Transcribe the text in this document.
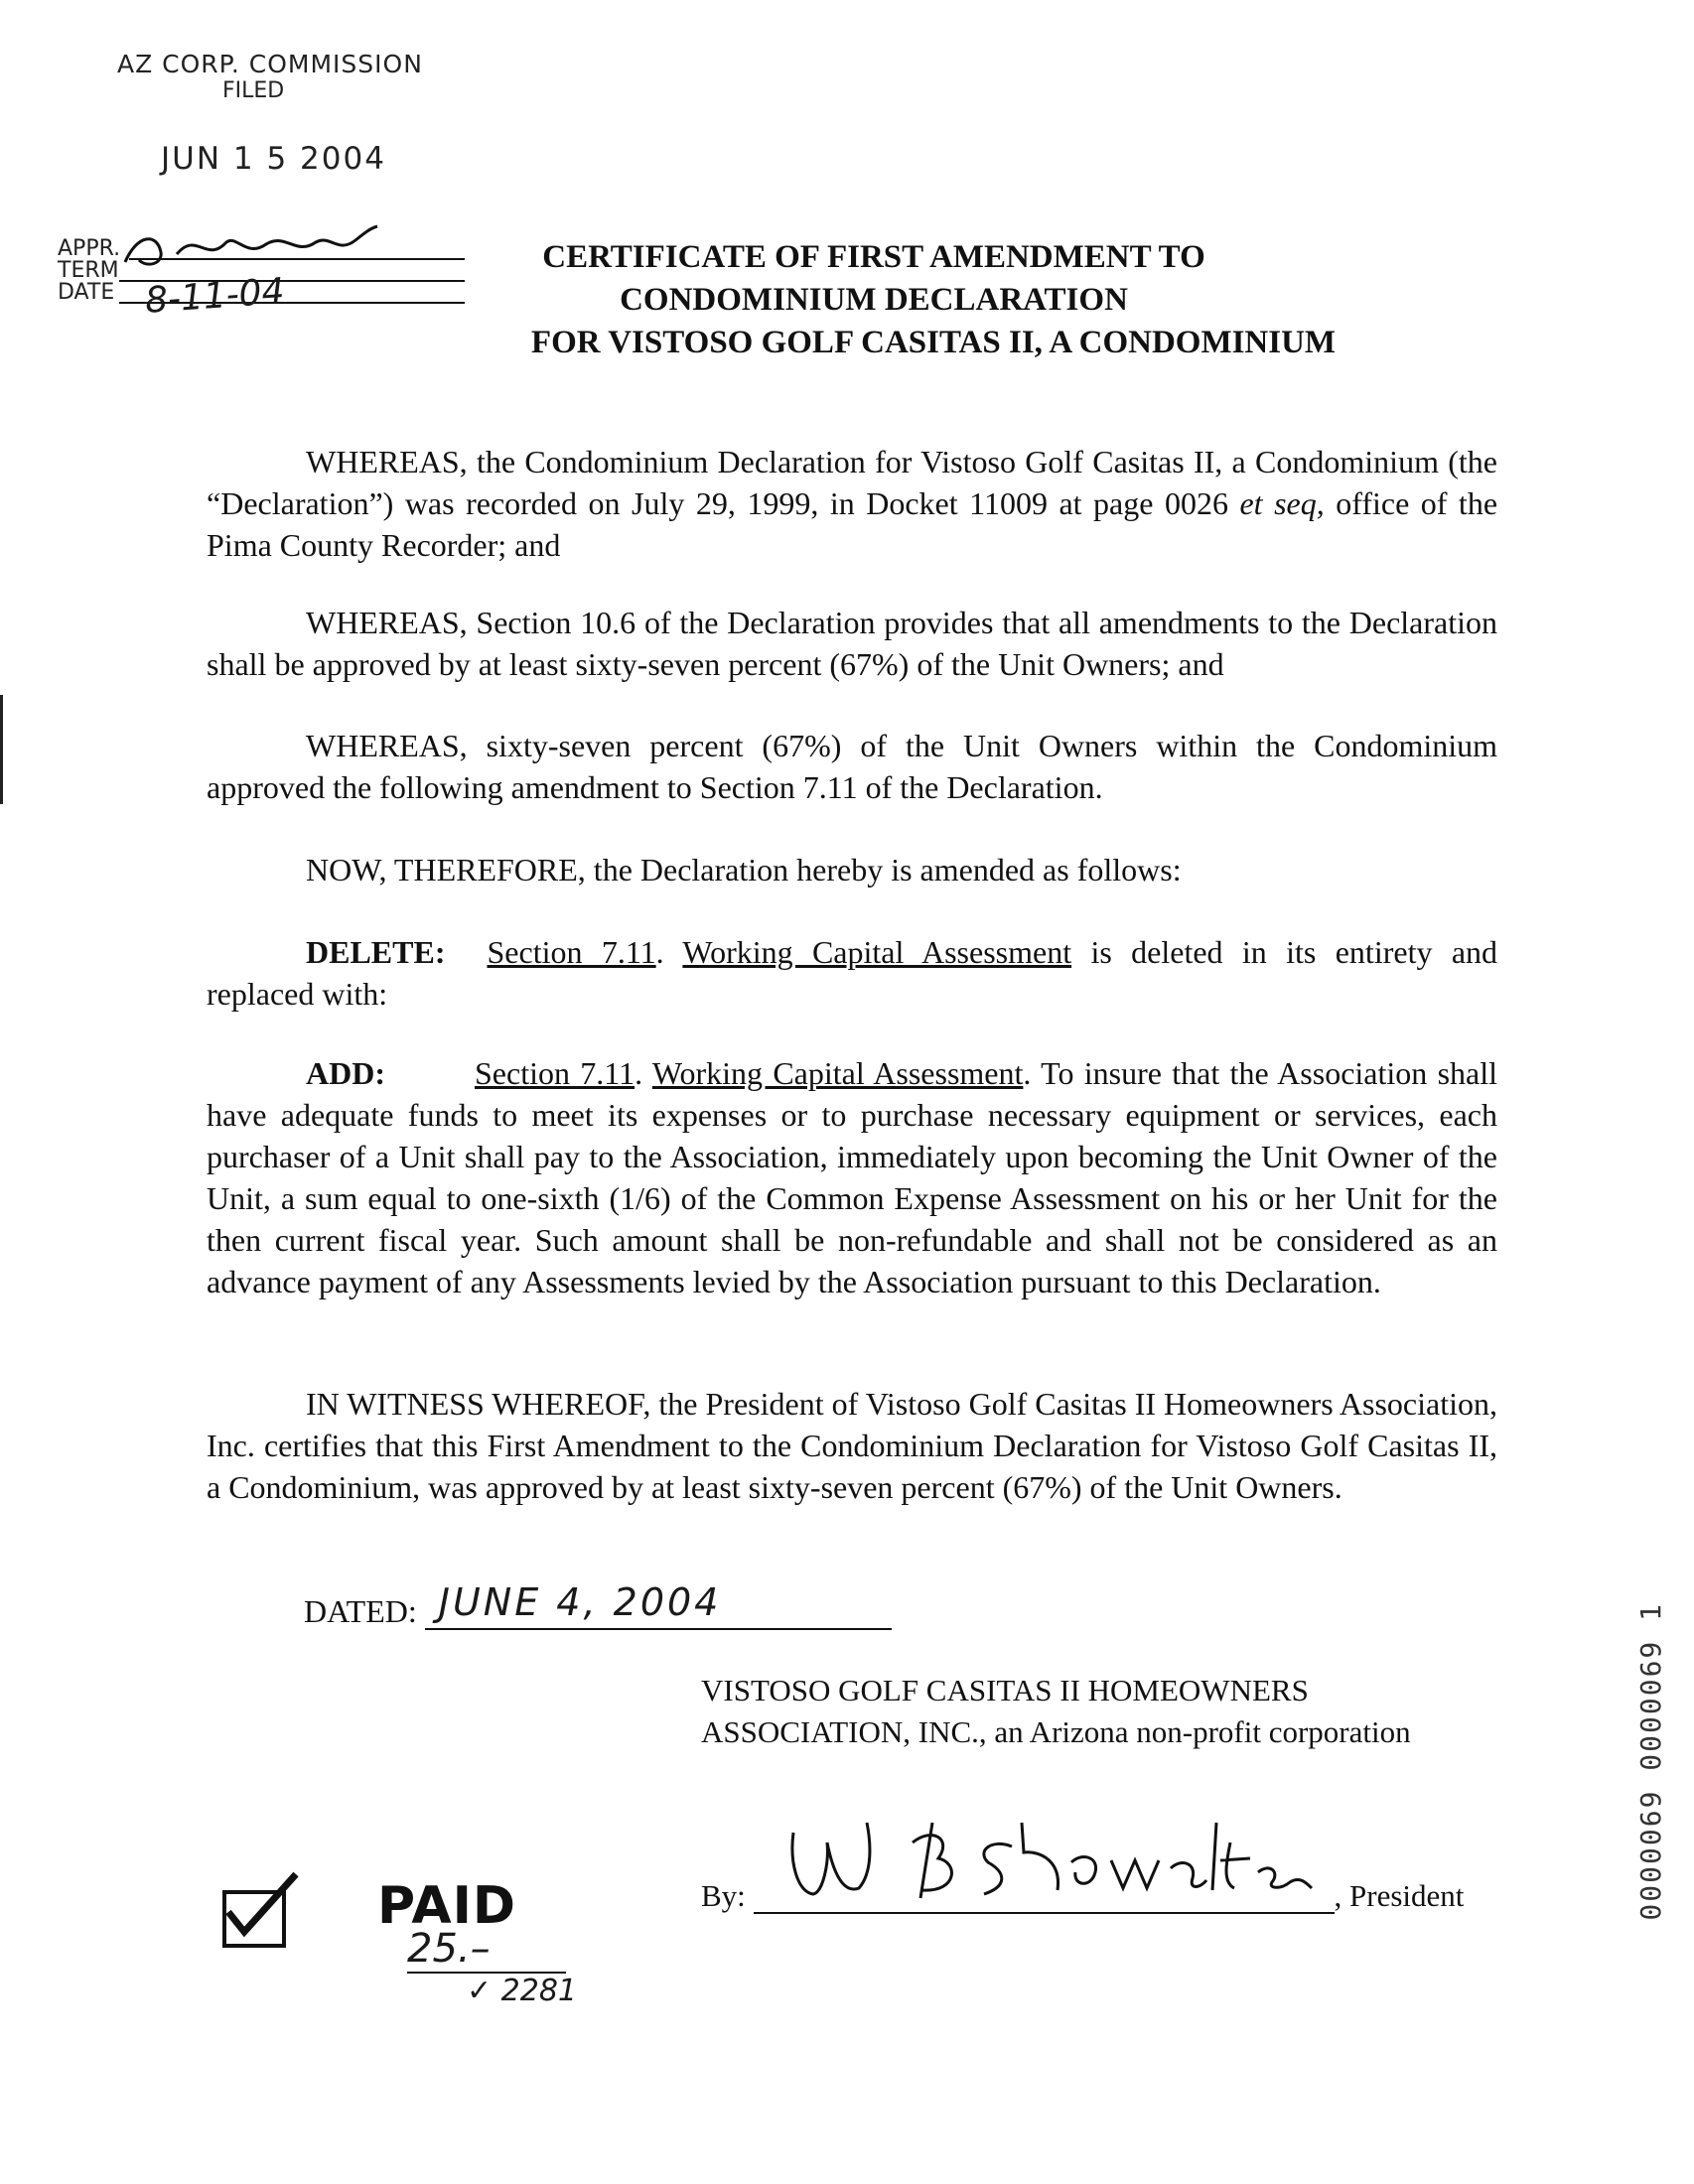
AZ CORP. COMMISSION
FILED
JUN 1 5 2004
APPR.
TERM
DATE 8-11-04
CERTIFICATE OF FIRST AMENDMENT TO
CONDOMINIUM DECLARATION
FOR VISTOSO GOLF CASITAS II, A CONDOMINIUM

WHEREAS, the Condominium Declaration for Vistoso Golf Casitas II, a Condominium (the “Declaration”) was recorded on July 29, 1999, in Docket 11009 at page 0026 et seq, office of the Pima County Recorder; and

WHEREAS, Section 10.6 of the Declaration provides that all amendments to the Declaration shall be approved by at least sixty-seven percent (67%) of the Unit Owners; and

WHEREAS, sixty-seven percent (67%) of the Unit Owners within the Condominium approved the following amendment to Section 7.11 of the Declaration.

NOW, THEREFORE, the Declaration hereby is amended as follows:

DELETE: Section 7.11. Working Capital Assessment is deleted in its entirety and replaced with:

ADD:	Section 7.11. Working Capital Assessment. To insure that the Association shall have adequate funds to meet its expenses or to purchase necessary equipment or services, each purchaser of a Unit shall pay to the Association, immediately upon becoming the Unit Owner of the Unit, a sum equal to one-sixth (1/6) of the Common Expense Assessment on his or her Unit for the then current fiscal year. Such amount shall be non-refundable and shall not be considered as an advance payment of any Assessments levied by the Association pursuant to this Declaration.

IN WITNESS WHEREOF, the President of Vistoso Golf Casitas II Homeowners Association, Inc. certifies that this First Amendment to the Condominium Declaration for Vistoso Golf Casitas II, a Condominium, was approved by at least sixty-seven percent (67%) of the Unit Owners.

DATED: JUNE 4, 2004
VISTOSO GOLF CASITAS II HOMEOWNERS
ASSOCIATION, INC., an Arizona non-profit corporation
By:	, President
PAID
25.–
✓ 2281
0000069 0000069 1
